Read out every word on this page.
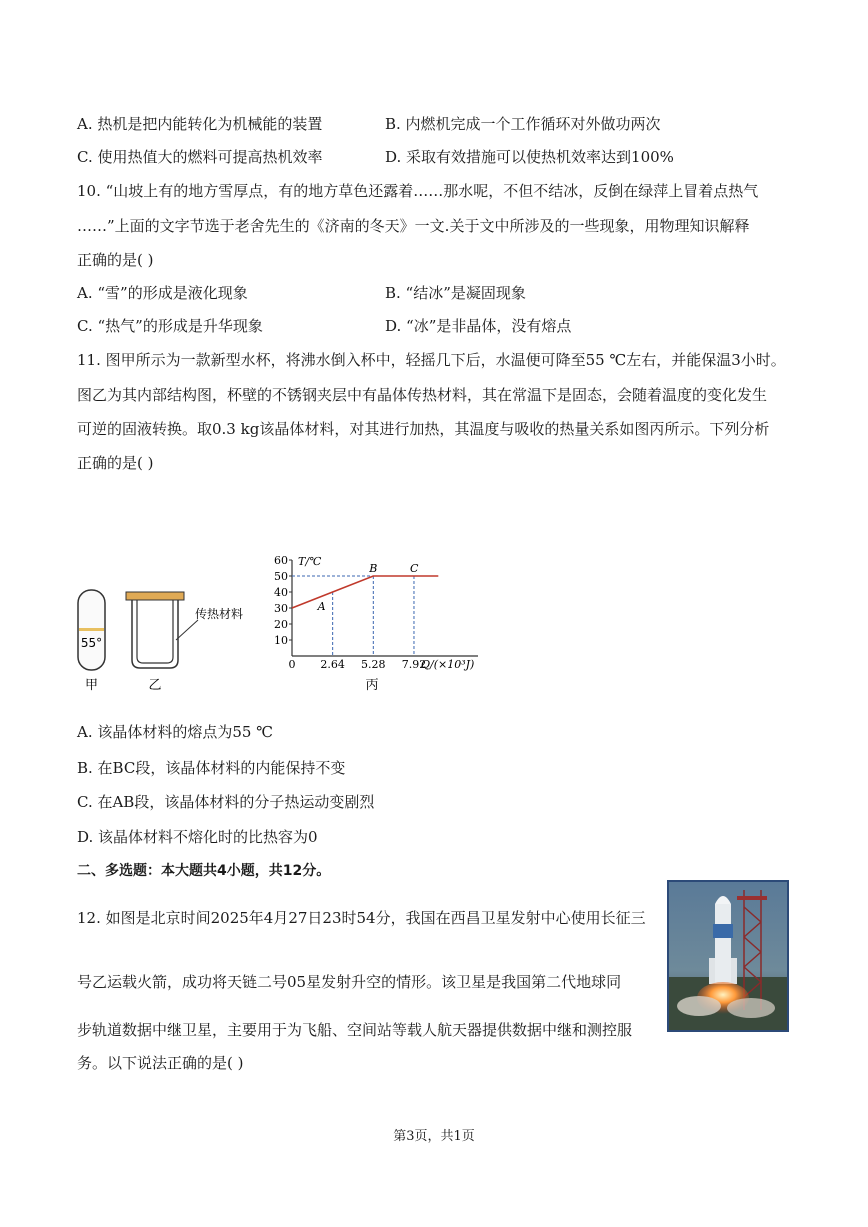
A. 热机是把内能转化为机械能的装置	B. 内燃机完成一个工作循环对外做功两次
C. 使用热值大的燃料可提高热机效率	D. 采取有效措施可以使热机效率达到100%
10. “山坡上有的地方雪厚点，有的地方草色还露着……那水呢，不但不结冰，反倒在绿萍上冒着点热气
……”上面的文字节选于老舍先生的《济南的冬天》一文.关于文中所涉及的一些现象，用物理知识解释
正确的是( )
A. “雪”的形成是液化现象	B. “结冰”是凝固现象
C. “热气”的形成是升华现象	D. “冰”是非晶体，没有熔点
11. 图甲所示为一款新型水杯，将沸水倒入杯中，轻摇几下后，水温便可降至55 ℃左右，并能保温3小时。
图乙为其内部结构图，杯壁的不锈钢夹层中有晶体传热材料，其在常温下是固态，会随着温度的变化发生
可逆的固液转换。取0.3 kg该晶体材料，对其进行加热，其温度与吸收的热量关系如图丙所示。下列分析
正确的是( )
55°
甲
传热材料
乙
T/℃
Q/(×10³J)
0
10
20
30
40
50
60
2.64 5.28 7.92
A
B	C
丙
A. 该晶体材料的熔点为55 ℃
B. 在BC段，该晶体材料的内能保持不变
C. 在AB段，该晶体材料的分子热运动变剧烈
D. 该晶体材料不熔化时的比热容为0
二、多选题：本大题共4小题，共12分。
12. 如图是北京时间2025年4月27日23时54分，我国在西昌卫星发射中心使用长征三
号乙运载火箭，成功将天链二号05星发射升空的情形。该卫星是我国第二代地球同
步轨道数据中继卫星，主要用于为飞船、空间站等载人航天器提供数据中继和测控服
务。以下说法正确的是( )
第3页，共1页
